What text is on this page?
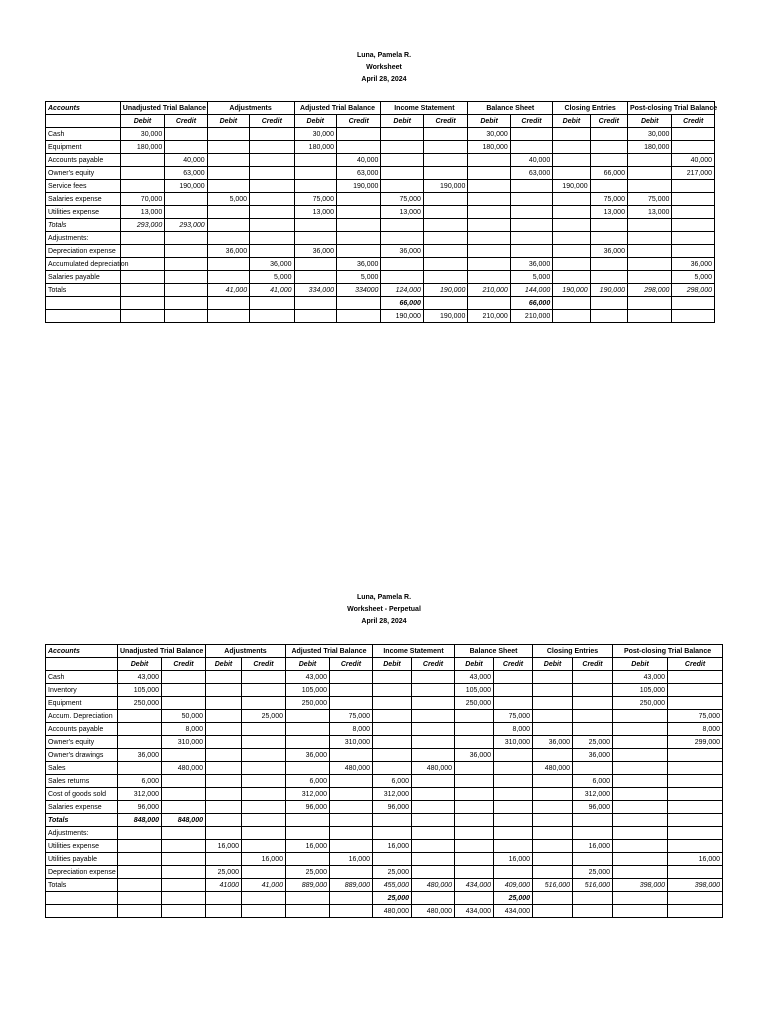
Luna, Pamela R.
Worksheet
April 28, 2024
Accounts	Unadjusted Trial Balance		Adjustments		Adjusted Trial Balance		Income Statement		Balance Sheet		Closing Entries		Post-closing Trial Balance	
	Debit	Credit	Debit	Credit	Debit	Credit	Debit	Credit	Debit	Credit	Debit	Credit	Debit	Credit
Cash	30,000				30,000				30,000				30,000	
Equipment	180,000				180,000				180,000				180,000	
Accounts payable		40,000				40,000				40,000				40,000
Owner's equity		63,000				63,000				63,000		66,000		217,000
Service fees		190,000				190,000		190,000			190,000			
Salaries expense	70,000		5,000		75,000		75,000					75,000	75,000	
Utilities expense	13,000				13,000		13,000					13,000	13,000	
Totals	293,000	293,000												
Adjustments:														
Depreciation expense			36,000		36,000		36,000					36,000		
Accumulated depreciation				36,000		36,000				36,000				36,000
Salaries payable				5,000		5,000				5,000				5,000
Totals			41,000	41,000	334,000	334000	124,000	190,000	210,000	144,000	190,000	190,000	298,000	298,000
							66,000			66,000				
							190,000	190,000	210,000	210,000				
Luna, Pamela R.
Worksheet - Perpetual
April 28, 2024
Accounts	Unadjusted Trial Balance		Adjustments		Adjusted Trial Balance		Income Statement		Balance Sheet		Closing Entries		Post-closing Trial Balance	
	Debit	Credit	Debit	Credit	Debit	Credit	Debit	Credit	Debit	Credit	Debit	Credit	Debit	Credit
Cash	43,000				43,000				43,000				43,000	
Inventory	105,000				105,000				105,000				105,000	
Equipment	250,000				250,000				250,000				250,000	
Accum. Depreciation		50,000		25,000		75,000				75,000				75,000
Accounts payable		8,000				8,000				8,000				8,000
Owner's equity		310,000				310,000				310,000	36,000	25,000		299,000
Owner's drawings	36,000				36,000				36,000			36,000		
Sales		480,000				480,000		480,000			480,000			
Sales returns	6,000				6,000		6,000					6,000		
Cost of goods sold	312,000				312,000		312,000					312,000		
Salaries expense	96,000				96,000		96,000					96,000		
Totals	848,000	848,000												
Adjustments:														
Utilities expense			16,000		16,000		16,000					16,000		
Utilities payable				16,000		16,000				16,000				16,000
Depreciation expense			25,000		25,000		25,000					25,000		
Totals			41000	41,000	889,000	889,000	455,000	480,000	434,000	409,000	516,000	516,000	398,000	398,000
							25,000			25,000				
							480,000	480,000	434,000	434,000				
